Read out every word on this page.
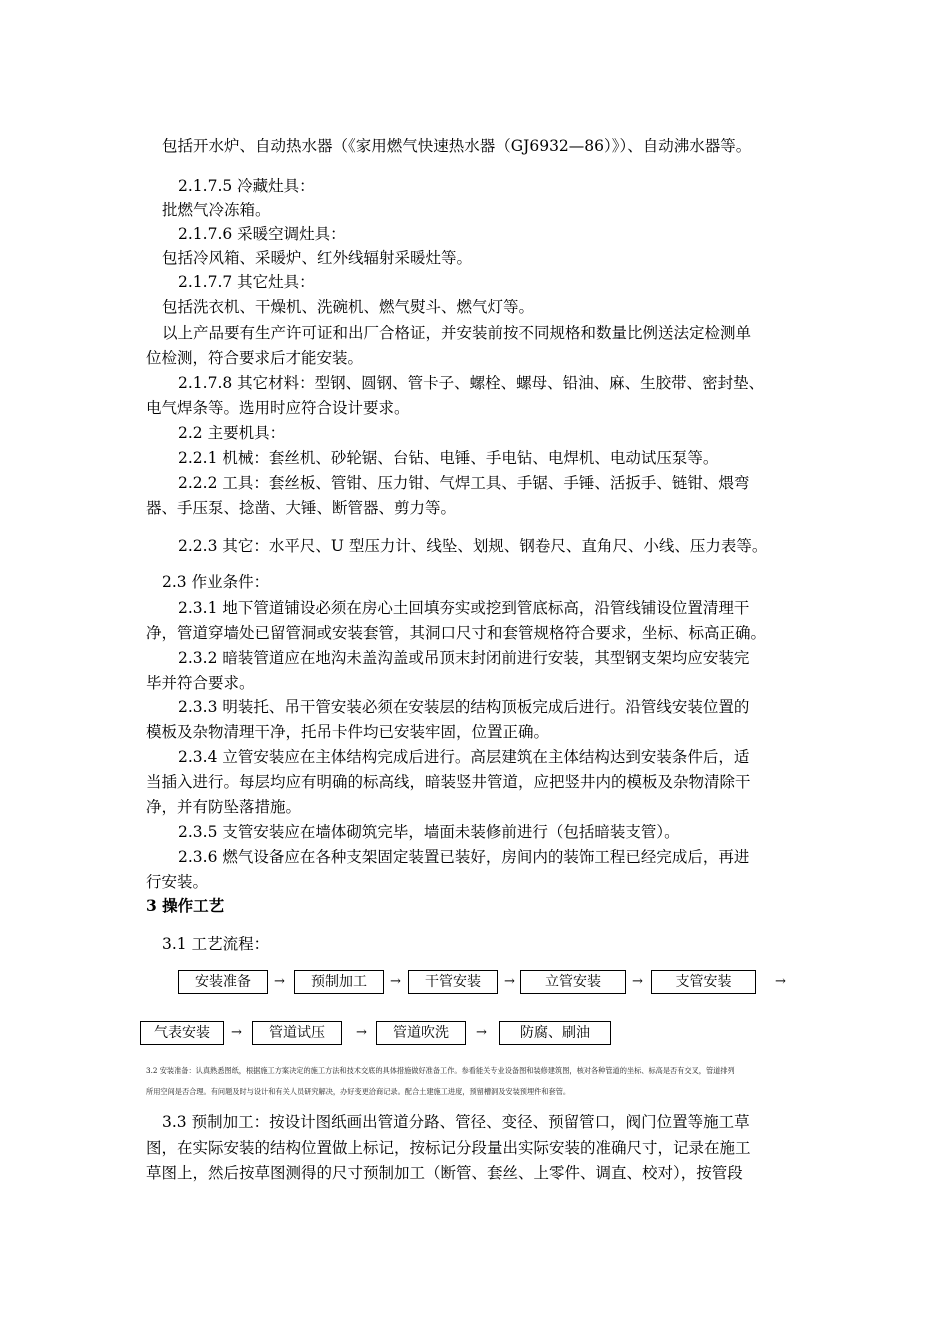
包括开水炉、自动热水器（《家用燃气快速热水器（GJ6932—86）》）、自动沸水器等。
2.1.7.5 冷藏灶具：
批燃气冷冻箱。
2.1.7.6 采暖空调灶具：
包括冷风箱、采暖炉、红外线辐射采暖灶等。
2.1.7.7 其它灶具：
包括洗衣机、干燥机、洗碗机、燃气熨斗、燃气灯等。
以上产品要有生产许可证和出厂合格证，并安装前按不同规格和数量比例送法定检测单
位检测，符合要求后才能安装。
2.1.7.8 其它材料：型钢、圆钢、管卡子、螺栓、螺母、铅油、麻、生胶带、密封垫、
电气焊条等。选用时应符合设计要求。
2.2 主要机具：
2.2.1 机械：套丝机、砂轮锯、台钻、电锤、手电钻、电焊机、电动试压泵等。
2.2.2 工具：套丝板、管钳、压力钳、气焊工具、手锯、手锤、活扳手、链钳、煨弯
器、手压泵、捻凿、大锤、断管器、剪力等。
2.2.3 其它：水平尺、U 型压力计、线坠、划规、钢卷尺、直角尺、小线、压力表等。
2.3 作业条件：
2.3.1 地下管道铺设必须在房心土回填夯实或挖到管底标高，沿管线铺设位置清理干
净，管道穿墙处已留管洞或安装套管，其洞口尺寸和套管规格符合要求，坐标、标高正确。
2.3.2 暗装管道应在地沟未盖沟盖或吊顶末封闭前进行安装，其型钢支架均应安装完
毕并符合要求。
2.3.3 明装托、吊干管安装必须在安装层的结构顶板完成后进行。沿管线安装位置的
模板及杂物清理干净，托吊卡件均已安装牢固，位置正确。
2.3.4 立管安装应在主体结构完成后进行。高层建筑在主体结构达到安装条件后，适
当插入进行。每层均应有明确的标高线，暗装竖井管道，应把竖井内的模板及杂物清除干
净，并有防坠落措施。
2.3.5 支管安装应在墙体砌筑完毕，墙面未装修前进行（包括暗装支管）。
2.3.6 燃气设备应在各种支架固定装置已装好，房间内的装饰工程已经完成后，再进
行安装。
3 操作工艺
3.1 工艺流程：
安装准备	→	预制加工	→	干管安装	→	立管安装	→	支管安装	→
气表安装	→	管道试压	→	管道吹洗	→	防腐、刷油
3.2 安装准备：认真熟悉图纸，根据施工方案决定的施工方法和技术交底的具体措施做好准备工作。参看能关专业设备图和装修建筑图，核对各种管道的坐标、标高是否有交叉，管道排列
所用空间是否合理。有问题及时与设计和有关人员研究解决，办好变更洽商记录。配合土建施工进度，预留槽洞及安装预埋件和套管。
3.3 预制加工：按设计图纸画出管道分路、管径、变径、预留管口，阀门位置等施工草
图，在实际安装的结构位置做上标记，按标记分段量出实际安装的准确尺寸，记录在施工
草图上，然后按草图测得的尺寸预制加工（断管、套丝、上零件、调直、校对），按管段
